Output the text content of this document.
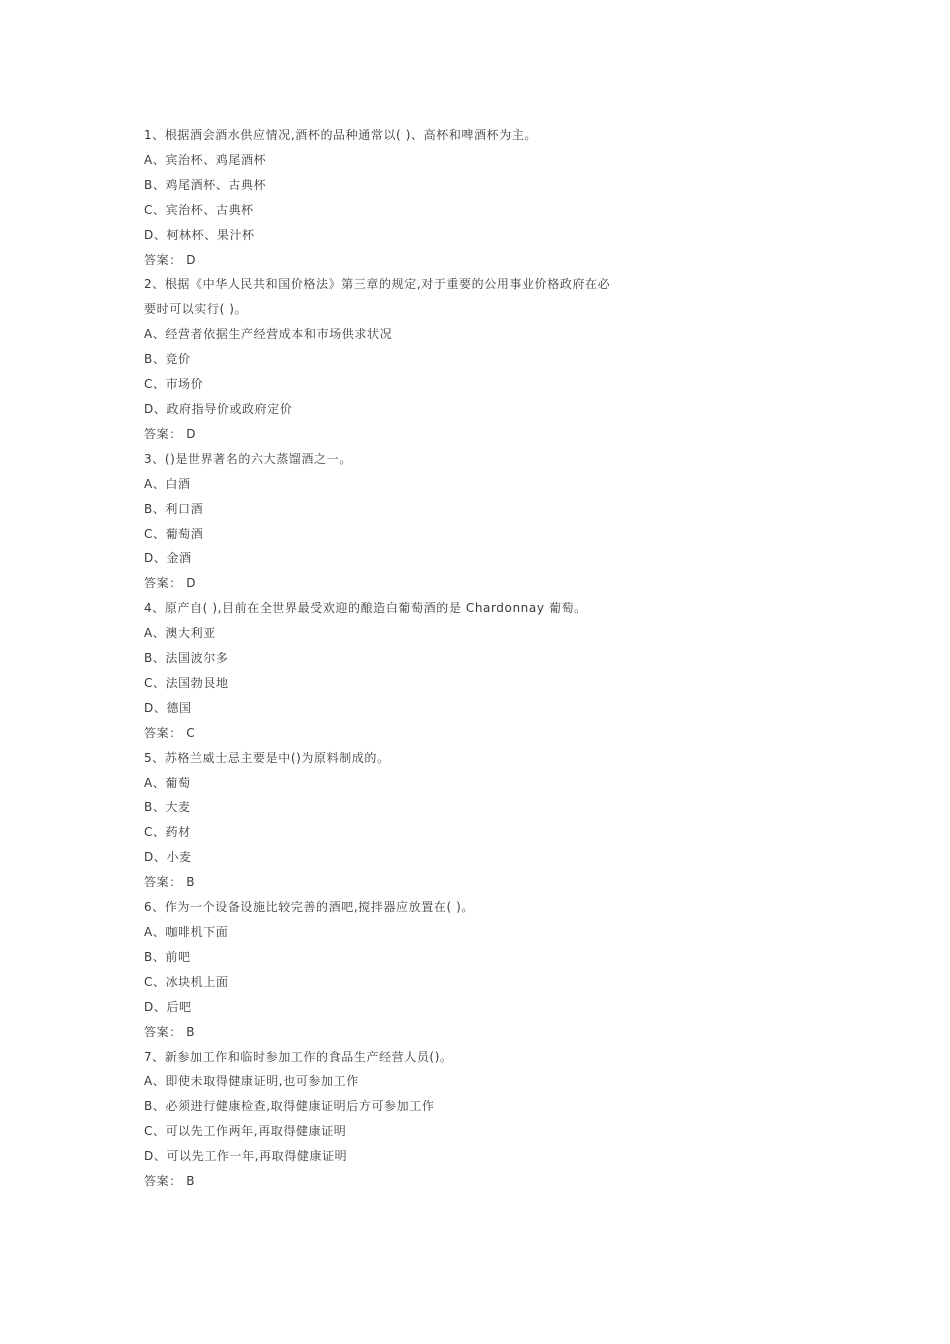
1、根据酒会酒水供应情况,酒杯的品种通常以( )、高杯和啤酒杯为主。
A、宾治杯、鸡尾酒杯
B、鸡尾酒杯、古典杯
C、宾治杯、古典杯
D、柯林杯、果汁杯
答案： D
2、根据《中华人民共和国价格法》第三章的规定,对于重要的公用事业价格政府在必要时可以实行( )。
A、经营者依据生产经营成本和市场供求状况
B、竞价
C、市场价
D、政府指导价或政府定价
答案： D
3、()是世界著名的六大蒸馏酒之一。
A、白酒
B、利口酒
C、葡萄酒
D、金酒
答案： D
4、原产自( ),目前在全世界最受欢迎的酿造白葡萄酒的是 Chardonnay 葡萄。
A、澳大利亚
B、法国波尔多
C、法国勃艮地
D、德国
答案： C
5、苏格兰威士忌主要是中()为原料制成的。
A、葡萄
B、大麦
C、药材
D、小麦
答案： B
6、作为一个设备设施比较完善的酒吧,搅拌器应放置在( )。
A、咖啡机下面
B、前吧
C、冰块机上面
D、后吧
答案： B
7、新参加工作和临时参加工作的食品生产经营人员()。
A、即使未取得健康证明,也可参加工作
B、必须进行健康检查,取得健康证明后方可参加工作
C、可以先工作两年,再取得健康证明
D、可以先工作一年,再取得健康证明
答案： B
